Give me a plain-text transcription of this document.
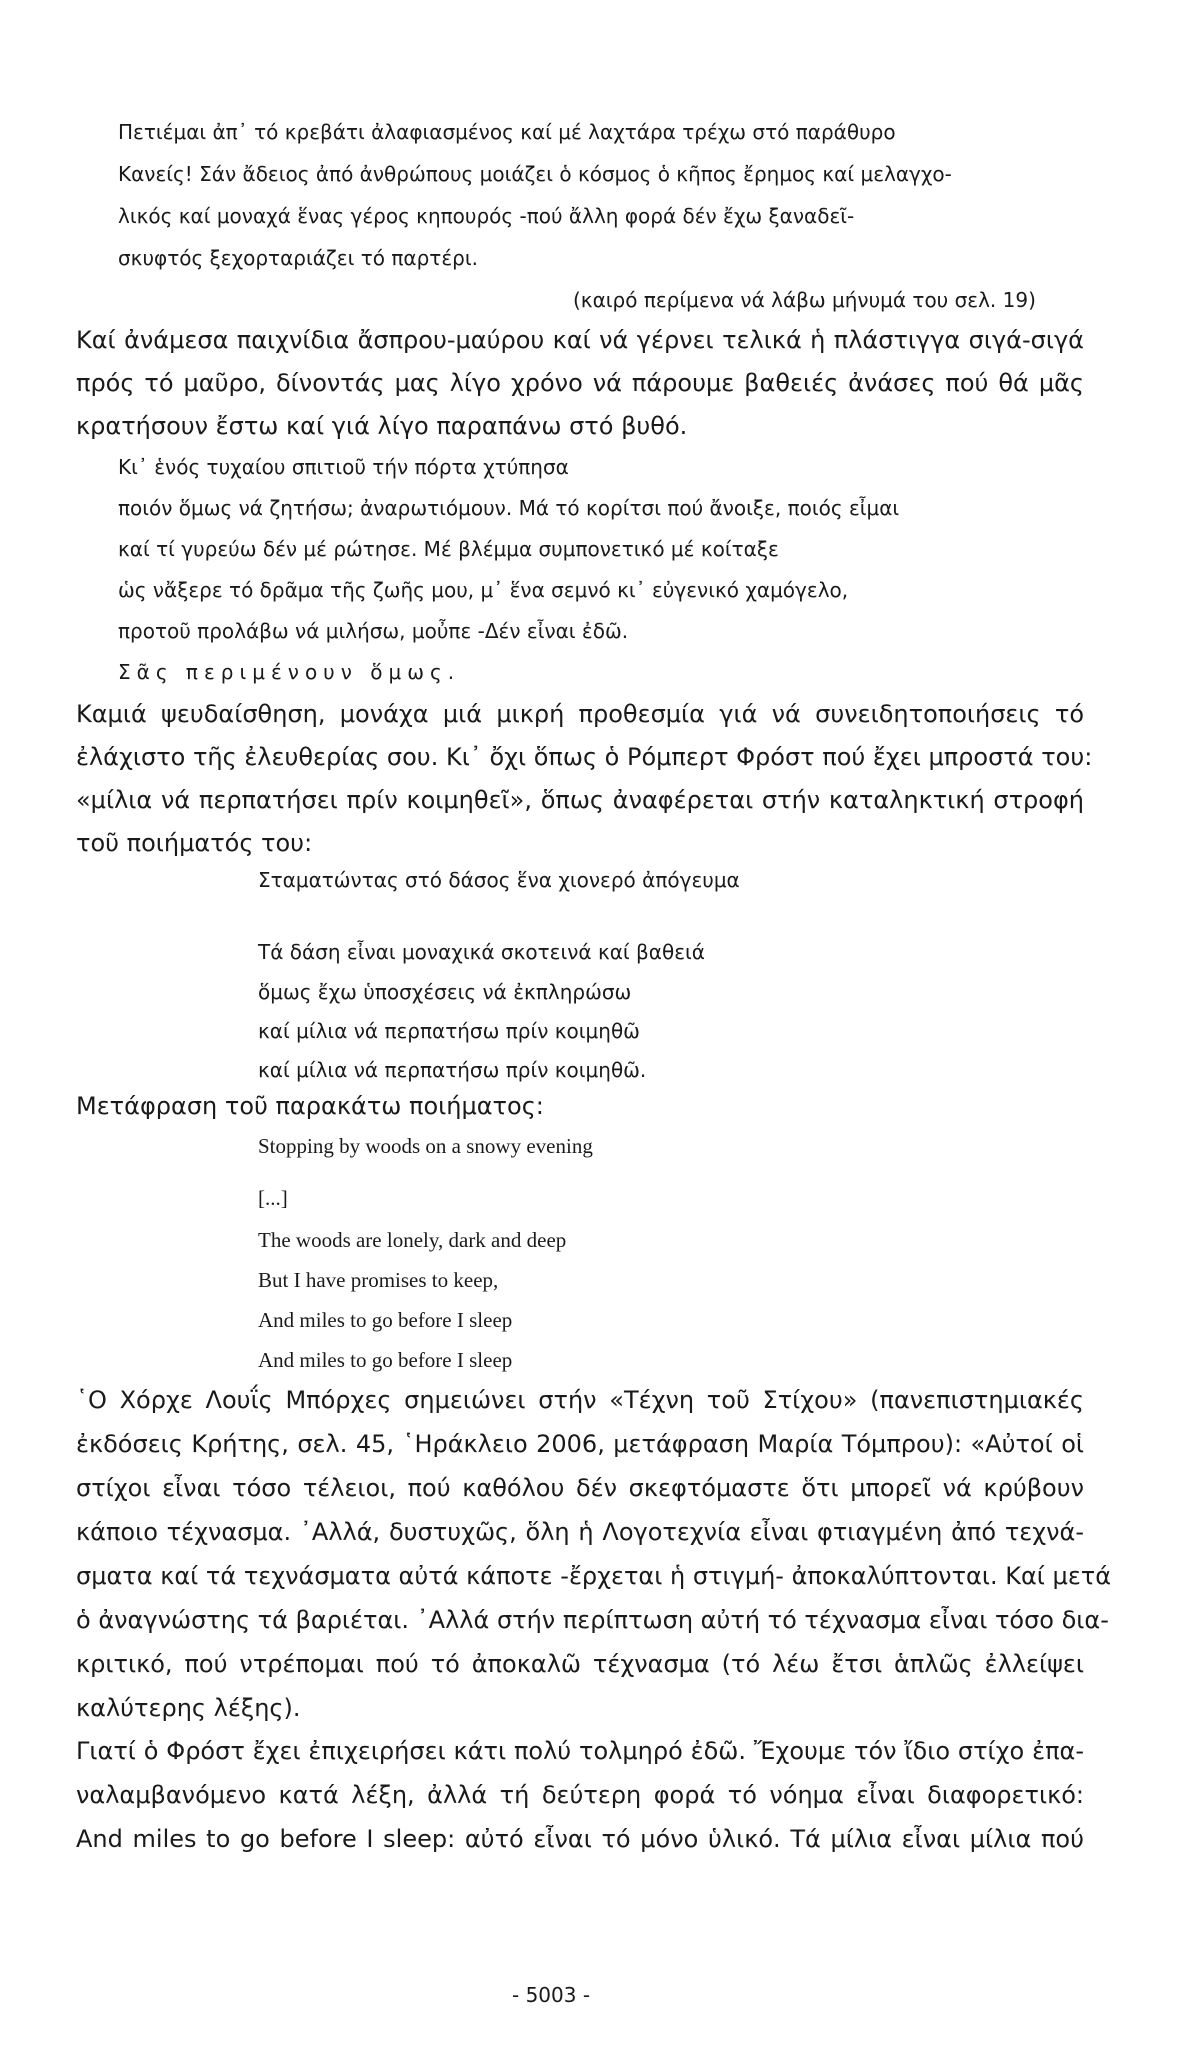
Πετιέμαι ἀπ᾽ τό κρεβάτι ἀλαφιασμένος καί μέ λαχτάρα τρέχω στό παράθυρο
Κανείς! Σάν ἄδειος ἀπό ἀνθρώπους μοιάζει ὁ κόσμος ὁ κῆπος ἔρημος καί μελαγχο-
λικός καί μοναχά ἕνας γέρος κηπουρός -πού ἄλλη φορά δέν ἔχω ξαναδεῖ-
σκυφτός ξεχορταριάζει τό παρτέρι.
(καιρό περίμενα νά λάβω μήνυμά του σελ. 19)
Καί ἀνάμεσα παιχνίδια ἄσπρου-μαύρου καί νά γέρνει τελικά ἡ πλάστιγγα σιγά-σιγά
πρός τό μαῦρο, δίνοντάς μας λίγο χρόνο νά πάρουμε βαθειές ἀνάσες πού θά μᾶς
κρατήσουν ἔστω καί γιά λίγο παραπάνω στό βυθό.
Κι᾽ ἑνός τυχαίου σπιτιοῦ τήν πόρτα χτύπησα
ποιόν ὅμως νά ζητήσω; ἀναρωτιόμουν. Μά τό κορίτσι πού ἄνοιξε, ποιός εἶμαι
καί τί γυρεύω δέν μέ ρώτησε. Μέ βλέμμα συμπονετικό μέ κοίταξε
ὡς νἄξερε τό δρᾶμα τῆς ζωῆς μου, μ᾽ ἕνα σεμνό κι᾽ εὐγενικό χαμόγελο,
προτοῦ προλάβω νά μιλήσω, μοὖπε -Δέν εἶναι ἐδῶ.
Σᾶς περιμένουν ὅμως.
Καμιά ψευδαίσθηση, μονάχα μιά μικρή προθεσμία γιά νά συνειδητοποιήσεις τό
ἐλάχιστο τῆς ἐλευθερίας σου. Κι᾽ ὄχι ὅπως ὁ Ρόμπερτ Φρόστ πού ἔχει μπροστά του:
«μίλια νά περπατήσει πρίν κοιμηθεῖ», ὅπως ἀναφέρεται στήν καταληκτική στροφή
τοῦ ποιήματός του:
Σταματώντας στό δάσος ἕνα χιονερό ἀπόγευμα
Τά δάση εἶναι μοναχικά σκοτεινά καί βαθειά
ὅμως ἔχω ὑποσχέσεις νά ἐκπληρώσω
καί μίλια νά περπατήσω πρίν κοιμηθῶ
καί μίλια νά περπατήσω πρίν κοιμηθῶ.
Μετάφραση τοῦ παρακάτω ποιήματος:
Stopping by woods on a snowy evening
[...]
The woods are lonely, dark and deep
But I have promises to keep,
And miles to go before I sleep
And miles to go before I sleep
῾Ο Χόρχε Λουΐς Μπόρχες σημειώνει στήν «Τέχνη τοῦ Στίχου» (πανεπιστημιακές
ἐκδόσεις Κρήτης, σελ. 45, ῾Ηράκλειο 2006, μετάφραση Μαρία Τόμπρου): «Αὐτοί οἱ
στίχοι εἶναι τόσο τέλειοι, πού καθόλου δέν σκεφτόμαστε ὅτι μπορεῖ νά κρύβουν
κάποιο τέχνασμα. ᾿Αλλά, δυστυχῶς, ὅλη ἡ Λογοτεχνία εἶναι φτιαγμένη ἀπό τεχνά-
σματα καί τά τεχνάσματα αὐτά κάποτε -ἔρχεται ἡ στιγμή- ἀποκαλύπτονται. Καί μετά
ὁ ἀναγνώστης τά βαριέται. ᾿Αλλά στήν περίπτωση αὐτή τό τέχνασμα εἶναι τόσο δια-
κριτικό, πού ντρέπομαι πού τό ἀποκαλῶ τέχνασμα (τό λέω ἔτσι ἁπλῶς ἐλλείψει
καλύτερης λέξης).
Γιατί ὁ Φρόστ ἔχει ἐπιχειρήσει κάτι πολύ τολμηρό ἐδῶ. Ἔχουμε τόν ἴδιο στίχο ἐπα-
ναλαμβανόμενο κατά λέξη, ἀλλά τή δεύτερη φορά τό νόημα εἶναι διαφορετικό:
And miles to go before I sleep: αὐτό εἶναι τό μόνο ὑλικό. Τά μίλια εἶναι μίλια πού
- 5003 -
